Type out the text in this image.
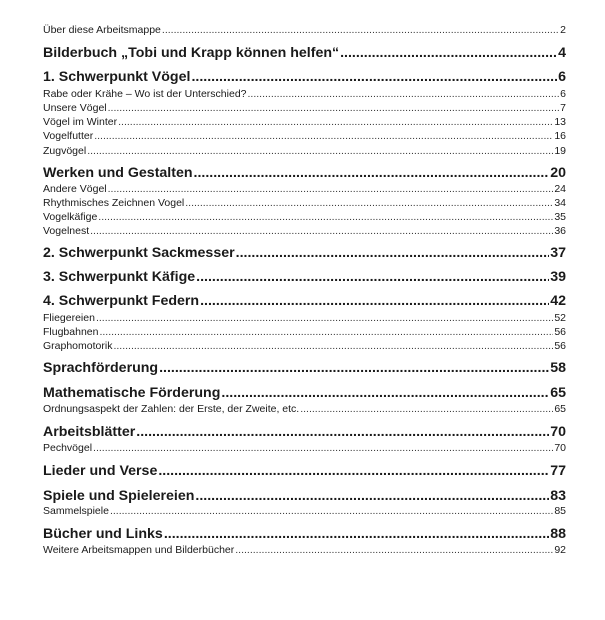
Über diese Arbeitsmappe .....	2
Bilderbuch „Tobi und Krapp können helfen“ .....	4
1. Schwerpunkt Vögel .....	6
Rabe oder Krähe – Wo ist der Unterschied? .....	6
Unsere Vögel .....	7
Vögel im Winter .....	13
Vogelfutter .....	16
Zugvögel .....	19
Werken und Gestalten .....	20
Andere Vögel .....	24
Rhythmisches Zeichnen Vogel .....	34
Vogelkäfige .....	35
Vogelnest .....	36
2. Schwerpunkt Sackmesser .....	37
3. Schwerpunkt Käfige .....	39
4. Schwerpunkt Federn .....	42
Fliegereien .....	52
Flugbahnen .....	56
Graphomotorik .....	56
Sprachförderung .....	58
Mathematische Förderung .....	65
Ordnungsaspekt der Zahlen: der Erste, der Zweite, etc. .....	65
Arbeitsblätter .....	70
Pechvögel .....	70
Lieder und Verse .....	77
Spiele und Spielereien .....	83
Sammelspiele .....	85
Bücher und Links .....	88
Weitere Arbeitsmappen und Bilderbücher .....	92
